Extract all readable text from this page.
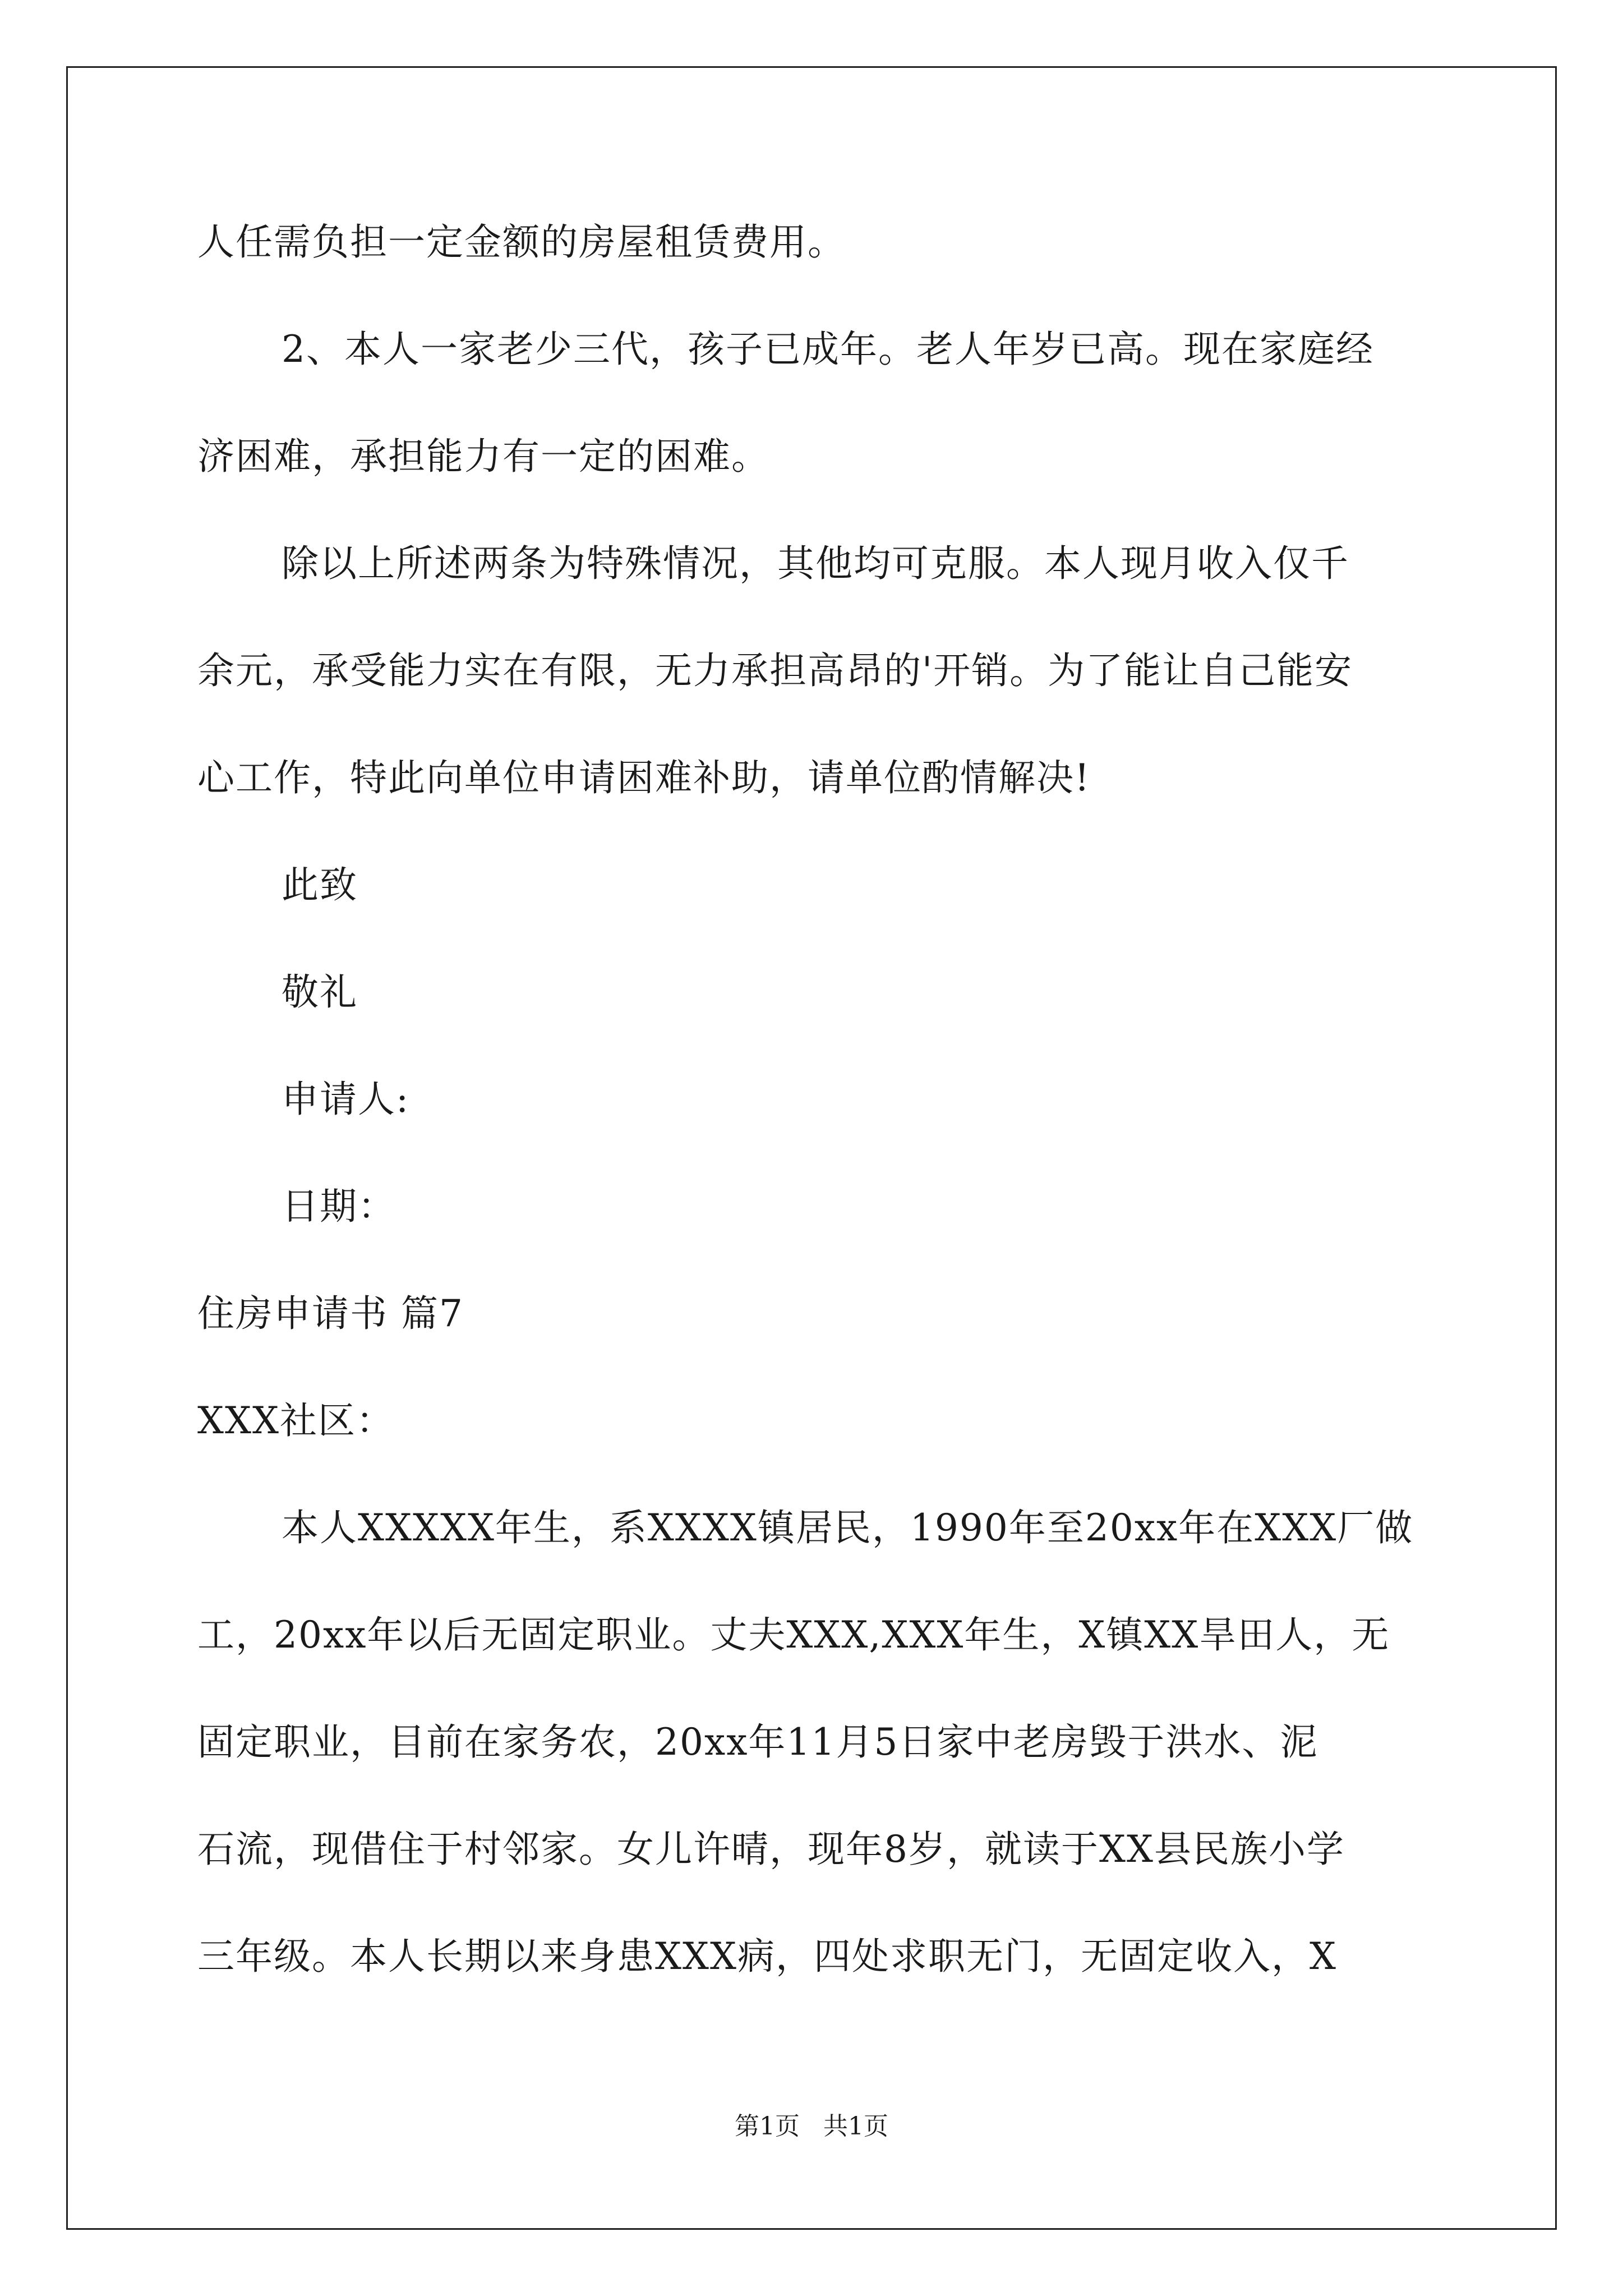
人任需负担一定金额的房屋租赁费用。
2、本人一家老少三代，孩子已成年。老人年岁已高。现在家庭经
济困难，承担能力有一定的困难。
除以上所述两条为特殊情况，其他均可克服。本人现月收入仅千
余元，承受能力实在有限，无力承担高昂的'开销。为了能让自己能安
心工作，特此向单位申请困难补助，请单位酌情解决!
此致
敬礼
申请人:
日期：
住房申请书 篇7
XXX社区：
本人XXXXX年生，系XXXX镇居民，1990年至20xx年在XXX厂做
工，20xx年以后无固定职业。丈夫XXX,XXX年生，X镇XX旱田人，无
固定职业，目前在家务农，20xx年11月5日家中老房毁于洪水、泥
石流，现借住于村邻家。女儿许晴，现年8岁，就读于XX县民族小学
三年级。本人长期以来身患XXX病，四处求职无门，无固定收入，X
第1页   共1页
